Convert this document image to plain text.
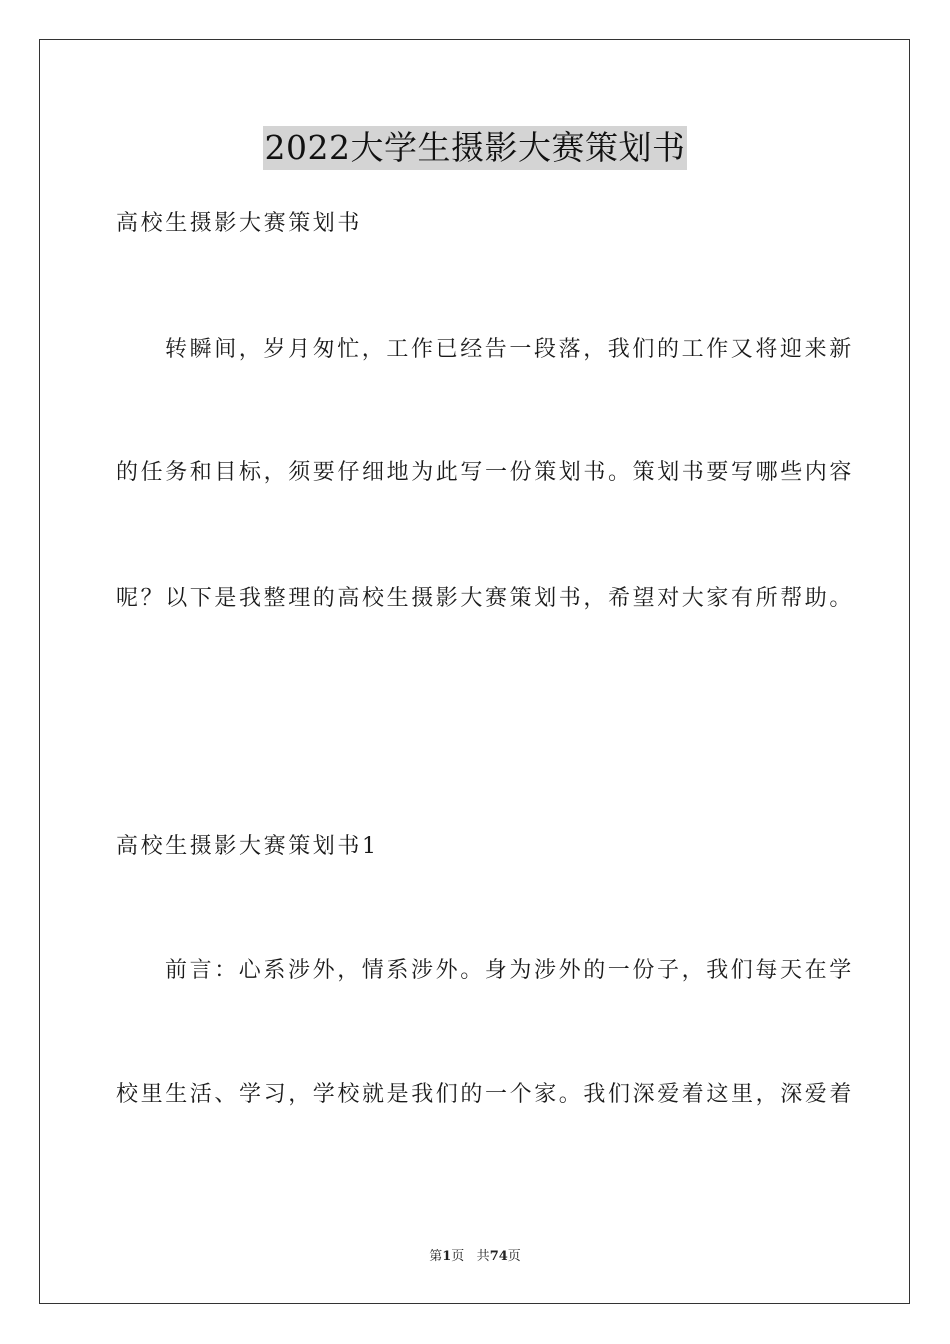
2022大学生摄影大赛策划书
高校生摄影大赛策划书
转瞬间，岁月匆忙，工作已经告一段落，我们的工作又将迎来新
的任务和目标，须要仔细地为此写一份策划书。策划书要写哪些内容
呢？以下是我整理的高校生摄影大赛策划书，希望对大家有所帮助。
高校生摄影大赛策划书1
前言：心系涉外，情系涉外。身为涉外的一份子，我们每天在学
校里生活、学习，学校就是我们的一个家。我们深爱着这里，深爱着
第1页 共74页
